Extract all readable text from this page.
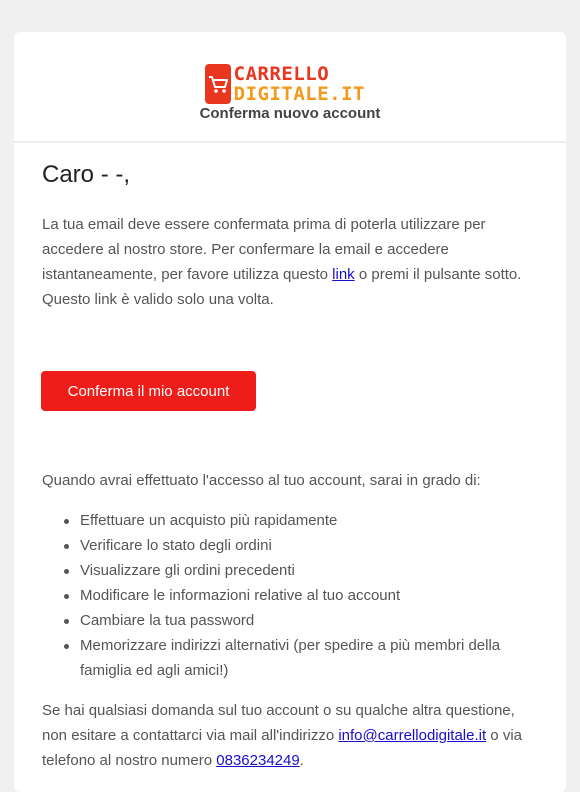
CARRELLO
DIGITALE.IT
Conferma nuovo account
Caro - -,

La tua email deve essere confermata prima di poterla utilizzare per accedere al nostro store. Per confermare la email e accedere istantaneamente, per favore utilizza questo link o premi il pulsante sotto. Questo link è valido solo una volta.

Conferma il mio account

Quando avrai effettuato l'accesso al tuo account, sarai in grado di:

Effettuare un acquisto più rapidamente
Verificare lo stato degli ordini
Visualizzare gli ordini precedenti
Modificare le informazioni relative al tuo account
Cambiare la tua password
Memorizzare indirizzi alternativi (per spedire a più membri della famiglia ed agli amici!)

Se hai qualsiasi domanda sul tuo account o su qualche altra questione, non esitare a contattarci via mail all'indirizzo info@carrellodigitale.it o via telefono al nostro numero 0836234249.
